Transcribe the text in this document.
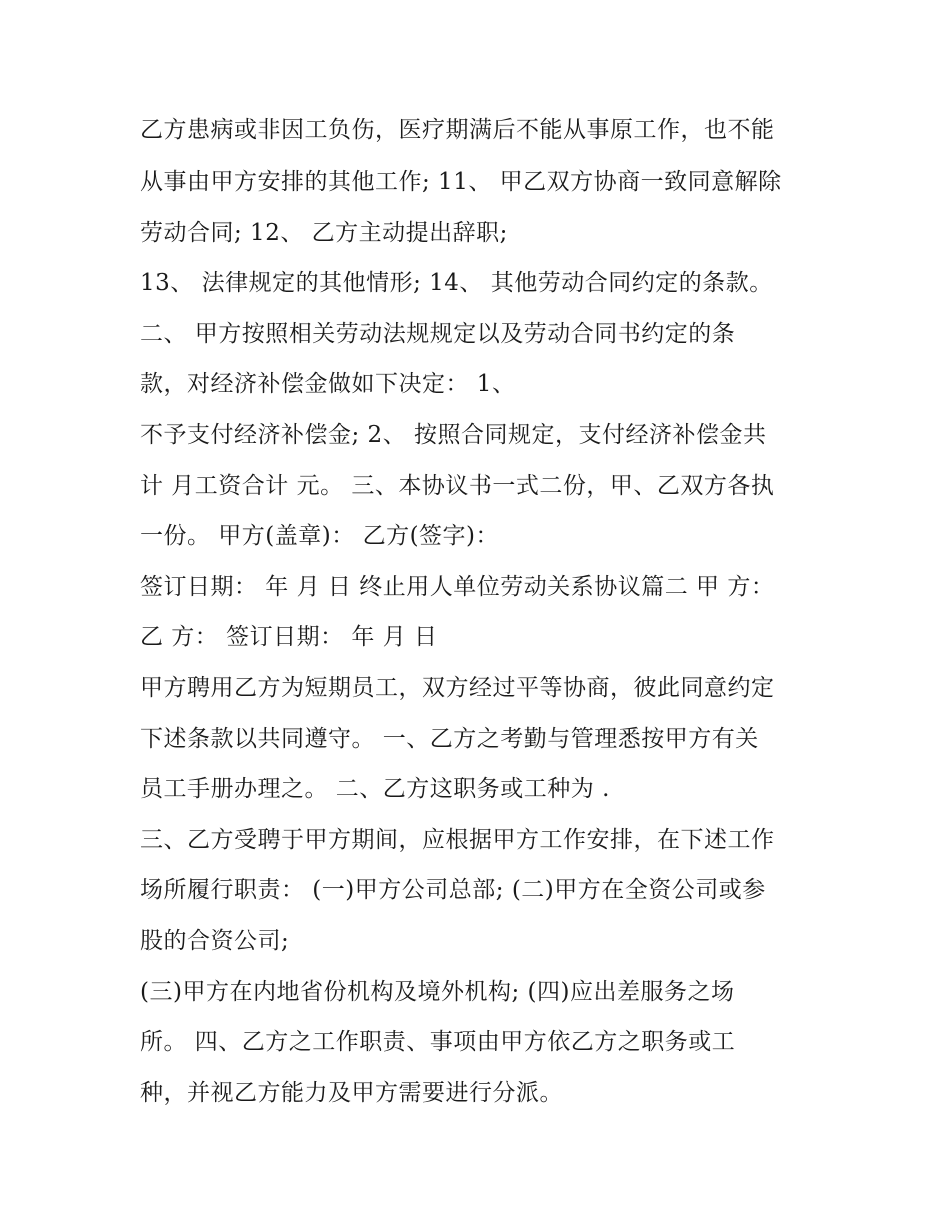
乙方患病或非因工负伤，医疗期满后不能从事原工作，也不能
从事由甲方安排的其他工作; 11、 甲乙双方协商一致同意解除
劳动合同; 12、 乙方主动提出辞职;
13、 法律规定的其他情形; 14、 其他劳动合同约定的条款。
二、 甲方按照相关劳动法规规定以及劳动合同书约定的条
款，对经济补偿金做如下决定： 1、
不予支付经济补偿金; 2、 按照合同规定，支付经济补偿金共
计 月工资合计 元。 三、本协议书一式二份，甲、乙双方各执
一份。 甲方(盖章)： 乙方(签字)：
签订日期： 年 月 日 终止用人单位劳动关系协议篇二 甲 方：
乙 方： 签订日期： 年 月 日
甲方聘用乙方为短期员工，双方经过平等协商，彼此同意约定
下述条款以共同遵守。 一、乙方之考勤与管理悉按甲方有关
员工手册办理之。 二、乙方这职务或工种为 .
三、乙方受聘于甲方期间，应根据甲方工作安排，在下述工作
场所履行职责： (一)甲方公司总部; (二)甲方在全资公司或参
股的合资公司;
(三)甲方在内地省份机构及境外机构; (四)应出差服务之场
所。 四、乙方之工作职责、事项由甲方依乙方之职务或工
种，并视乙方能力及甲方需要进行分派。
